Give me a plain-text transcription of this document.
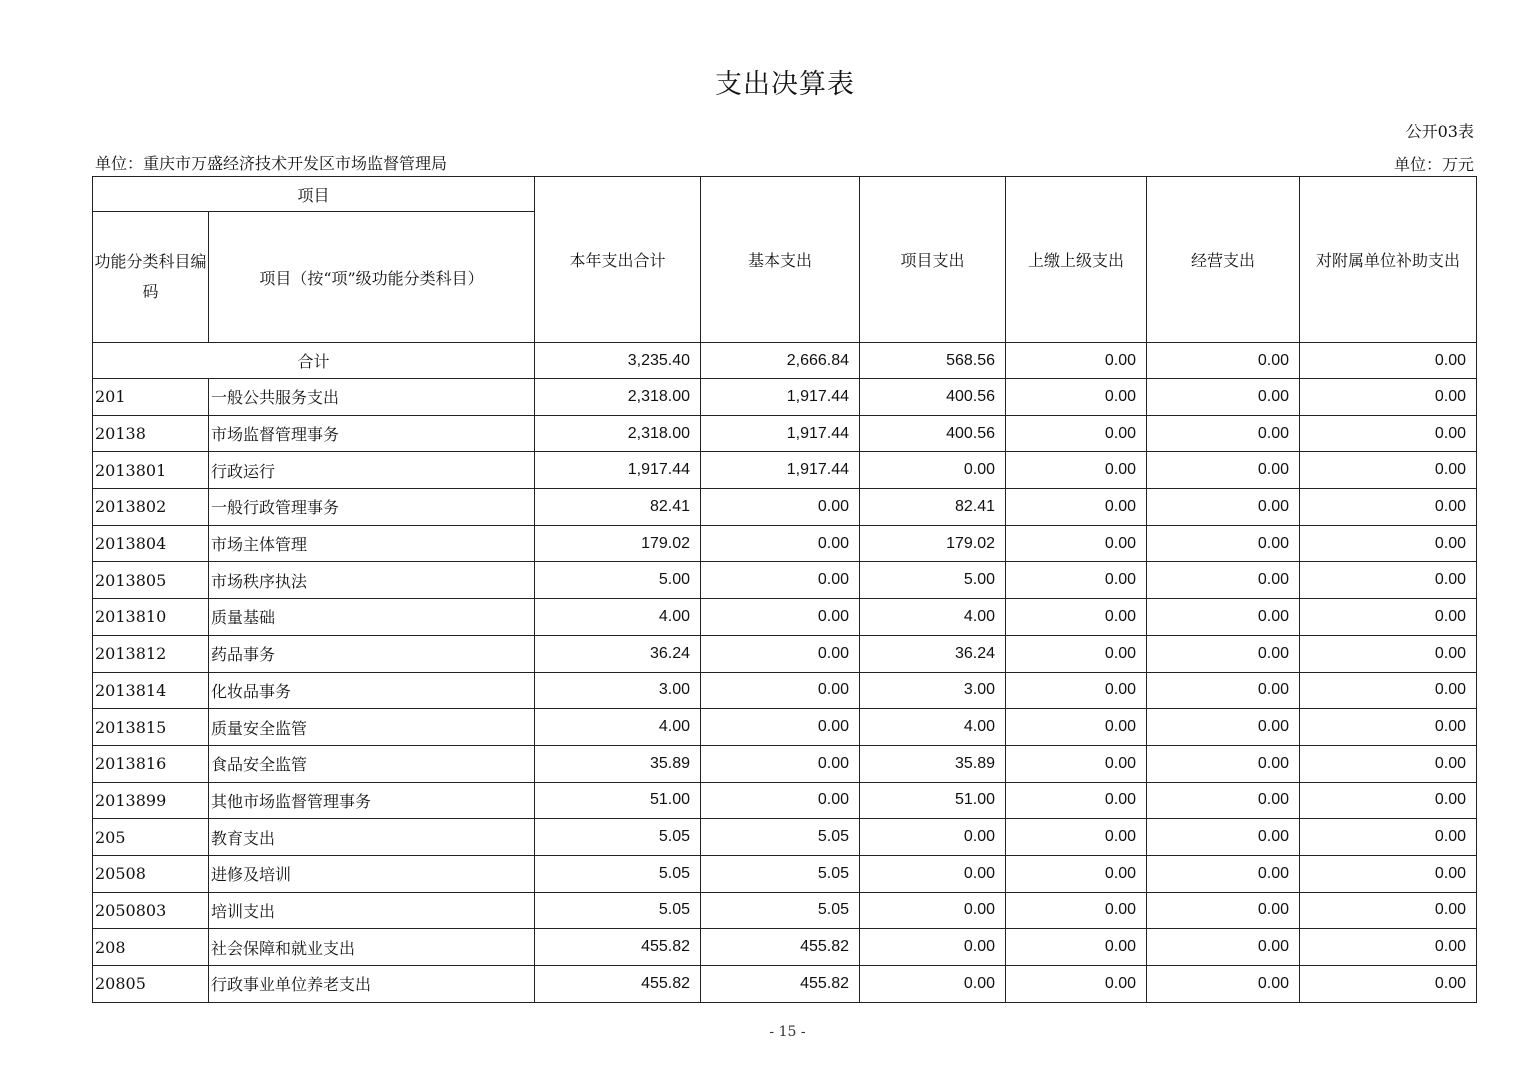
支出决算表
公开03表
单位：重庆市万盛经济技术开发区市场监督管理局	单位：万元
项目		本年支出合计	基本支出	项目支出	上缴上级支出	经营支出	对附属单位补助支出
功能分类科目编码	项目（按“项”级功能分类科目）						
合计		3,235.40	2,666.84	568.56	0.00	0.00	0.00
201	一般公共服务支出	2,318.00	1,917.44	400.56	0.00	0.00	0.00
20138	市场监督管理事务	2,318.00	1,917.44	400.56	0.00	0.00	0.00
2013801	行政运行	1,917.44	1,917.44	0.00	0.00	0.00	0.00
2013802	一般行政管理事务	82.41	0.00	82.41	0.00	0.00	0.00
2013804	市场主体管理	179.02	0.00	179.02	0.00	0.00	0.00
2013805	市场秩序执法	5.00	0.00	5.00	0.00	0.00	0.00
2013810	质量基础	4.00	0.00	4.00	0.00	0.00	0.00
2013812	药品事务	36.24	0.00	36.24	0.00	0.00	0.00
2013814	化妆品事务	3.00	0.00	3.00	0.00	0.00	0.00
2013815	质量安全监管	4.00	0.00	4.00	0.00	0.00	0.00
2013816	食品安全监管	35.89	0.00	35.89	0.00	0.00	0.00
2013899	其他市场监督管理事务	51.00	0.00	51.00	0.00	0.00	0.00
205	教育支出	5.05	5.05	0.00	0.00	0.00	0.00
20508	进修及培训	5.05	5.05	0.00	0.00	0.00	0.00
2050803	培训支出	5.05	5.05	0.00	0.00	0.00	0.00
208	社会保障和就业支出	455.82	455.82	0.00	0.00	0.00	0.00
20805	行政事业单位养老支出	455.82	455.82	0.00	0.00	0.00	0.00
- 15 -
